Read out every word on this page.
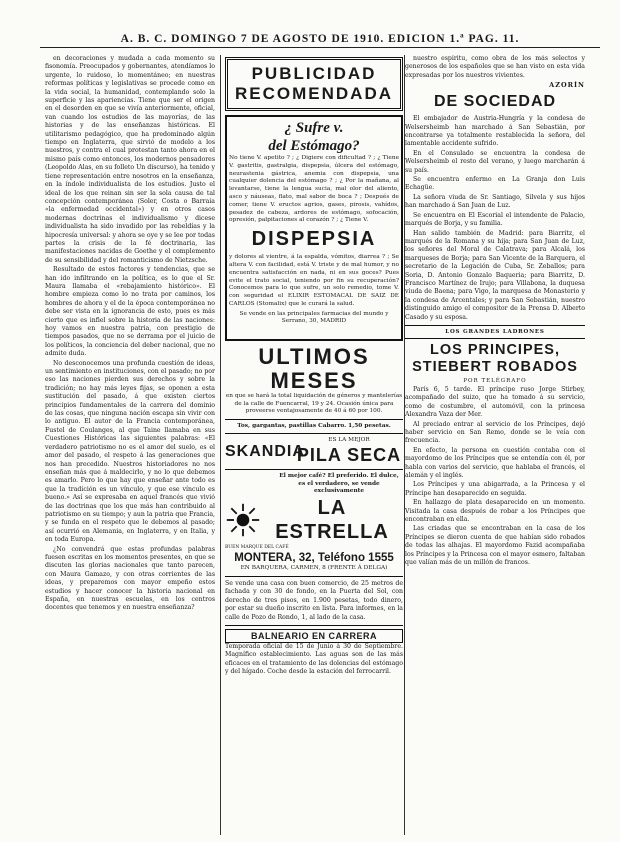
A. B. C. DOMINGO 7 DE AGOSTO DE 1910. EDICION 1.ª PAG. 11.

en decoraciones y mudada a cada momento su fisonomía. Preocupados y gobernantes, atendíamos lo urgente, lo ruidoso, lo momentáneo; en nuestras reformas políticas y legislativas se procede como en la vida social, la humanidad, contemplando solo la superficie y las apariencias. Tiene que ser el origen en el desorden en que se vivía anteriormente, oficial, van cuando los estudios de las mayorías, de las historias y de las enseñanzas históricas. El utilitarismo pedagógico, que ha predominado algún tiempo en Inglaterra, que sirvió de modelo a los nuestros, y contra el cual protestan tanto ahora en el mismo país como entonces, los modernos pensadores (Leopoldo Alas, en su folleto Un discurso), ha tenido y tiene representación entre nosotros en la enseñanza, en la índole individualista de los estudios. Justo el ideal de los que reinan sin ser la sola causa de tal concepción contemporánea (Soler, Costa o Barraia «la enfermedad occidental») y en otros casos modernas doctrinas el individualismo y dicese individualista ha sido invadido por las rebeldías y la hipocresía universal: y ahora se oye y se lee por todas partes la crisis de la fé doctrinaria, las manifestaciones nacidas de Goethe y el complemento de su sensibilidad y del romanticismo de Nietzsche.

Resultado de estos factores y tendencias, que se han ido infiltrando en la política, es lo que el Sr. Maura llamaba el «rebajamiento histórico». El hombre empieza como lo no trata por caminos, los hombres de ahora y el de la época contemporánea no debe ser vista en la ignorancia de esto, pues es más cierto que es infiel sobre la historia de las naciones: hoy vamos en nuestra patria, con prestigio de tiempos pasados, que no se derrama por el juicio de los políticos, la conciencia del deber nacional, que no admite duda.

No desconocemos una profunda cuestión de ideas, un sentimiento en instituciones, con el pasado; no por eso las naciones pierden sus derechos y sobre la tradición; no hay más leyes fijas, se oponen a esta sustitución del pasado, á que existen ciertos principios fundamentales de la carrera del dominio de las cosas, que ninguna nación escapa sin vivir con lo antiguo. El autor de la Francia contemporánea, Fustel de Coulanges, al que Taine llamaba en sus Cuestiones Históricas las siguientes palabras: «El verdadero patriotismo no es el amor del suelo, es el amor del pasado, el respeto á las generaciones que nos han precedido. Nuestros historiadores no nos enseñan más que á maldecirlo, y no lo que debemos es amarlo. Pero lo que hay que enseñar ante todo es que la tradición es un vínculo, y que ese vínculo es bueno.» Así se expresaba en aquel francés que vivió de las doctrinas que los que más han contribuido al patriotismo en su tiempo; y aun la patria que Francia, y se funda en el respeto que le debemos al pasado; así ocurrió en Alemania, en Inglaterra, y en Italia, y en toda Europa.

¿No convendrá que estas profundas palabras fuesen escritas en los momentos presentes, en que se discuten las glorias nacionales que tanto parecen, con Maura Gamazo, y con otras corrientes de las ideas, y preparemos con mayor empeño estos estudios y hacer conocer la historia nacional en España, en nuestras escuelas, en los centros docentes que tenemos y en nuestra enseñanza?

PUBLICIDAD
RECOMENDADA
¿ Sufre v.
del Estómago?

No tiene V. apetito ? ; ¿ Digiere con dificultad ? ; ¿ Tiene V. gastritis, gastralgia, dispepsia, úlcera del estómago, neurastenia gástrica, anemia con dispepsia, una cualquier dolencia del estómago ? ; ¿ Por la mañana, al levantarse, tiene la lengua sucia, mal olor del aliento, asco y náuseas, flato, mal sabor de boca ? ; Después de comer, tiene V. eructos agrios, gases, pirosis, vahídos, pesadez de cabeza, ardores de estómago, sofocación, opresión, palpitaciones al corazón ? ; ¿ Tiene V.

DISPEPSIA

y dolores al vientre, á la espalda, vómitos, diarrea ? ; Se altera V. con facilidad, está V. triste y de mal humor, y no encuentra satisfacción en nada, ni en sus goces? Pues evite el trato social, teniendo por fin su recuperación? Conocemos para lo que sufre, un solo remedio, tome V. con seguridad el ELIXIR ESTOMACAL DE SAIZ DE CARLOS (Stomalix) que le curará la salud.

Se vende en las principales farmacias del mundo y Serrano, 30, MADRID
ULTIMOS MESES
en que se hará la total liquidación de géneros y mantelerías de la calle de Fuencarral, 19 y 24. Ocasión única para proveerse ventajosamente de 40 á 60 por 100.
Tos, gargantas, pastillas Cabarro. 1,50 pesetas.
SKANDIA
ES LA MEJOR
PILA SECA
El mejor café? El preferido. El dulce, es el verdadero, se vende exclusivamente
LA ESTRELLA
BUEN MARQUE DEL CAFÉ
MONTERA, 32, Teléfono 1555
EN BARQUERA, CARMEN, 8 (FRENTE Á DELGA)

Se vende una casa con buen comercio, de 25 metros de fachada y con 30 de fondo, en la Puerta del Sol, con derecho de tres pisos, en 1.900 pesetas, todo dinero, por estar su dueño inscrito en lista. Para informes, en la calle de Pozo de Rondo, 1, al lado de la casa.

BALNEARIO EN CARRERA

Temporada oficial de 15 de Junio á 30 de Septiembre. Magnífico establecimiento. Las aguas son de las más eficaces en el tratamiento de las dolencias del estómago y del hígado. Coche desde la estación del ferrocarril.

nuestro espíritu, como obra de los más selectos y generosos de los españoles que se han visto en esta vida expresadas por los nuestros vivientes.

AZORÍN
DE SOCIEDAD

El embajador de Austria-Hungría y la condesa de Welsersheimb han marchado á San Sebastián, por encontrarse ya totalmente restablecida la señora, del lamentable accidente sufrido.

En el Consulado se encuentra la condesa de Welsersheimb el resto del verano, y luego marcharán á su país.

Se encuentra enfermo en La Granja don Luis Echagüe.

La señora viuda de Sr. Santiago, Silvela y sus hijos han marchado á San Juan de Luz.

Se encuentra en El Escorial el intendente de Palacio, marqués de Borja, y su familia.

Han salido también de Madrid: para Biarritz, el marqués de la Romana y su hija; para San Juan de Luz, los señores del Moral de Calatrava; para Alcalá, los marqueses de Borja; para San Vicente de la Barquera, el secretario de la Legación de Cuba, Sr. Zeballos; para Soria, D. Antonio Gonzalo Baqueria; para Biarritz, D. Francisco Martínez de Irujo; para Villabona, la duquesa viuda de Baena; para Vigo, la marquesa de Monasterio y la condesa de Arcentales; y para San Sebastián, nuestro distinguido amigo el compositor de la Prensa D. Alberto Casado y su esposa.

LOS GRANDES LADRONES
LOS PRINCIPES,
STIEBERT ROBADOS
POR TELÉGRAFO

París 6, 5 tarde. El príncipe ruso Jorge Stirbey, acompañado del suizo, que ha tomado á su servicio, como de costumbre, el automóvil, con la princesa Alexandra Vaza der Mer.

Al preciado entrar al servicio de los Príncipes, dejó haber servicio en San Remo, donde se le veía con frecuencia.

En efecto, la persona en cuestión contaba con el mayordomo de los Príncipes que se entendía con él, por habla con varios del servicio, que hablaba el francés, el alemán y el inglés.

Los Príncipes y una abigarrada, a la Princesa y el Príncipe han desaparecido en seguida.

En hallazgo de plata desaparecido en un momento. Visitada la casa después de robar a los Príncipes que encontraban en ella.

Las criadas que se encontraban en la casa de los Príncipes se dieron cuenta de que habían sido robados de todas las alhajas. El mayordomo Fazid acompañaba los Príncipes y la Princesa con el mayor esmero, faltaban que valían más de un millón de francos.
